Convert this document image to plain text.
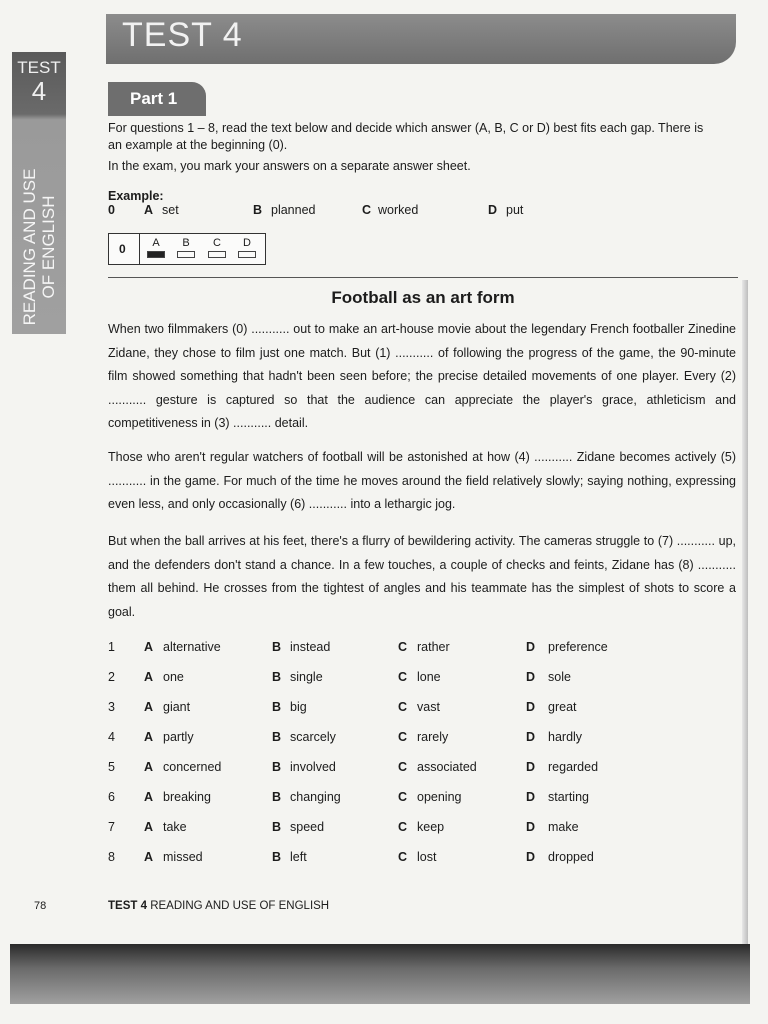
TEST 4
TEST
4
READING AND USE
OF ENGLISH
Part 1
For questions 1 – 8, read the text below and decide which answer (A, B, C or D) best fits each gap. There is
an example at the beginning (0).
In the exam, you mark your answers on a separate answer sheet.
Example:
0 A set	B planned	C worked	D put
0	A	B	C	D
Football as an art form
When two filmmakers (0) ........... out to make an art-house movie about the legendary French footballer Zinedine Zidane, they chose to film just one match. But (1) ........... of following the progress of the game, the 90-minute film showed something that hadn't been seen before; the precise detailed movements of one player. Every (2) ........... gesture is captured so that the audience can appreciate the player's grace, athleticism and competitiveness in (3) ........... detail.
Those who aren't regular watchers of football will be astonished at how (4) ........... Zidane becomes actively (5) ........... in the game. For much of the time he moves around the field relatively slowly; saying nothing, expressing even less, and only occasionally (6) ........... into a lethargic jog.
But when the ball arrives at his feet, there's a flurry of bewildering activity. The cameras struggle to (7) ........... up, and the defenders don't stand a chance. In a few touches, a couple of checks and feints, Zidane has (8) ........... them all behind. He crosses from the tightest of angles and his teammate has the simplest of shots to score a goal.
1 A alternative	B instead	C rather	D preference
2 A one	B single	C lone	D sole
3 A giant	B big	C vast	D great
4 A partly	B scarcely	C rarely	D hardly
5 A concerned	B involved	C associated	D regarded
6 A breaking	B changing	C opening	D starting
7 A take	B speed	C keep	D make
8 A missed	B left	C lost	D dropped
78	TEST 4 READING AND USE OF ENGLISH
